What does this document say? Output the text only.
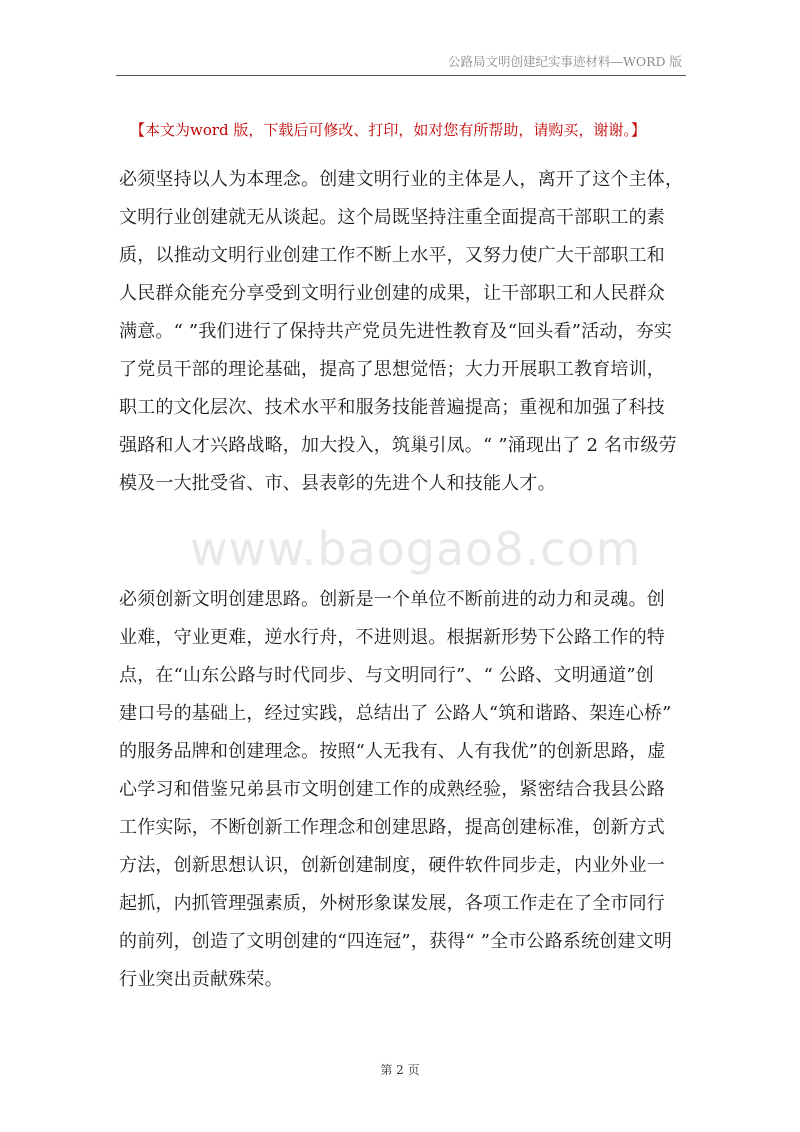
公路局文明创建纪实事迹材料—WORD 版
【本文为word 版，下载后可修改、打印，如对您有所帮助，请购买，谢谢。】
必须坚持以人为本理念。创建文明行业的主体是人，离开了这个主体，
文明行业创建就无从谈起。这个局既坚持注重全面提高干部职工的素
质，以推动文明行业创建工作不断上水平，又努力使广大干部职工和
人民群众能充分享受到文明行业创建的成果，让干部职工和人民群众
满意。“ ”我们进行了保持共产党员先进性教育及“回头看”活动，夯实
了党员干部的理论基础，提高了思想觉悟；大力开展职工教育培训，
职工的文化层次、技术水平和服务技能普遍提高；重视和加强了科技
强路和人才兴路战略，加大投入，筑巢引凤。“ ”涌现出了 2 名市级劳
模及一大批受省、市、县表彰的先进个人和技能人才。
www.baogao8.com
必须创新文明创建思路。创新是一个单位不断前进的动力和灵魂。创
业难，守业更难，逆水行舟，不进则退。根据新形势下公路工作的特
点，在“山东公路与时代同步、与文明同行”、“ 公路、文明通道”创
建口号的基础上，经过实践，总结出了 公路人“筑和谐路、架连心桥”
的服务品牌和创建理念。按照“人无我有、人有我优”的创新思路，虚
心学习和借鉴兄弟县市文明创建工作的成熟经验，紧密结合我县公路
工作实际，不断创新工作理念和创建思路，提高创建标准，创新方式
方法，创新思想认识，创新创建制度，硬件软件同步走，内业外业一
起抓，内抓管理强素质，外树形象谋发展，各项工作走在了全市同行
的前列，创造了文明创建的“四连冠”，获得“ ”全市公路系统创建文明
行业突出贡献殊荣。
第 2 页
